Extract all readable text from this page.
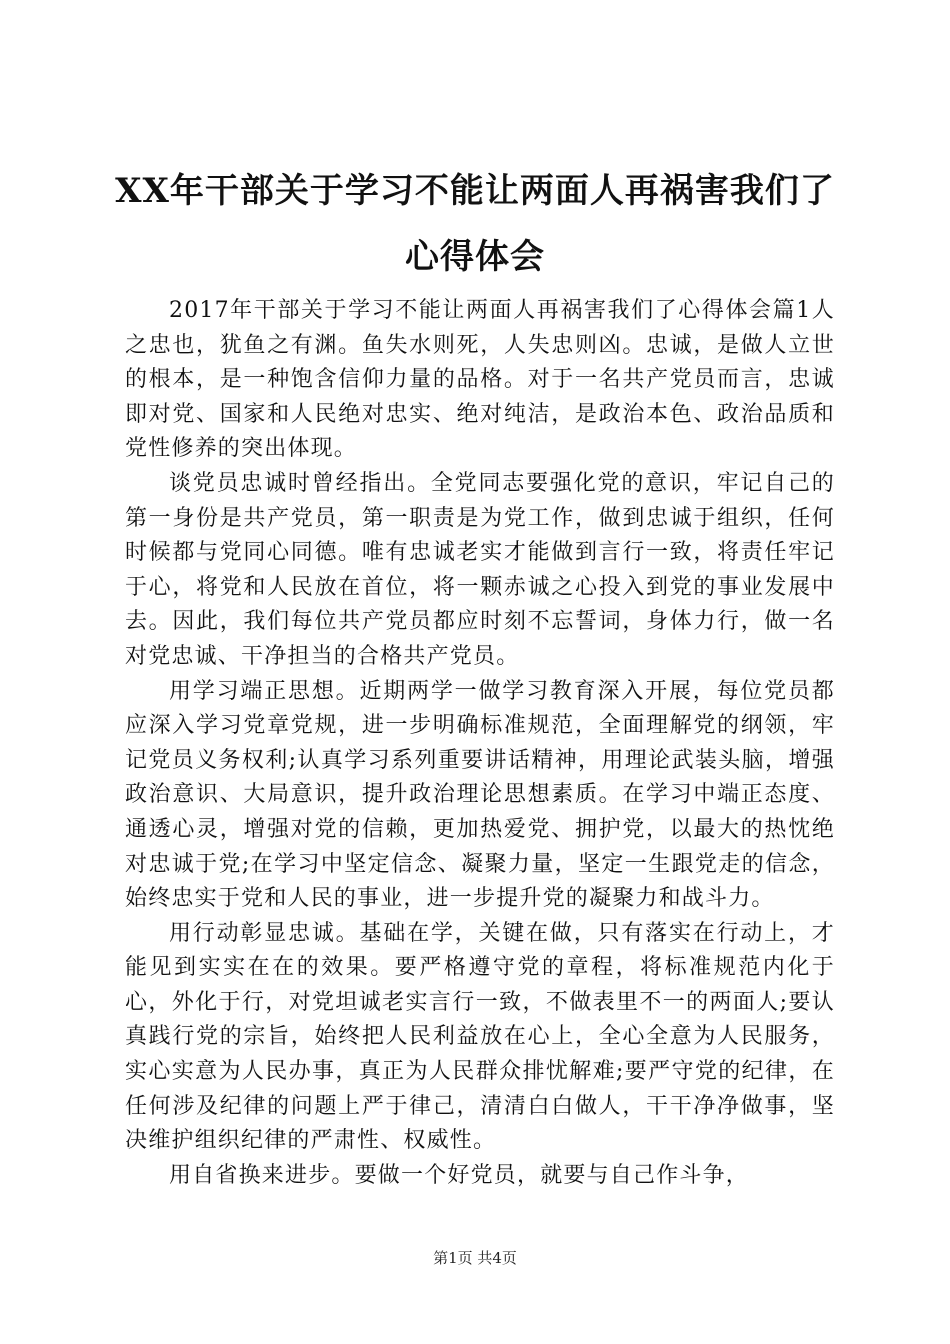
XX年干部关于学习不能让两面人再祸害我们了心得体会

2017年干部关于学习不能让两面人再祸害我们了心得体会篇1人之忠也，犹鱼之有渊。鱼失水则死，人失忠则凶。忠诚，是做人立世的根本，是一种饱含信仰力量的品格。对于一名共产党员而言，忠诚即对党、国家和人民绝对忠实、绝对纯洁，是政治本色、政治品质和党性修养的突出体现。

谈党员忠诚时曾经指出。全党同志要强化党的意识，牢记自己的第一身份是共产党员，第一职责是为党工作，做到忠诚于组织，任何时候都与党同心同德。唯有忠诚老实才能做到言行一致，将责任牢记于心，将党和人民放在首位，将一颗赤诚之心投入到党的事业发展中去。因此，我们每位共产党员都应时刻不忘誓词，身体力行，做一名对党忠诚、干净担当的合格共产党员。

用学习端正思想。近期两学一做学习教育深入开展，每位党员都应深入学习党章党规，进一步明确标准规范，全面理解党的纲领，牢记党员义务权利;认真学习系列重要讲话精神，用理论武装头脑，增强政治意识、大局意识，提升政治理论思想素质。在学习中端正态度、通透心灵，增强对党的信赖，更加热爱党、拥护党，以最大的热忱绝对忠诚于党;在学习中坚定信念、凝聚力量，坚定一生跟党走的信念，始终忠实于党和人民的事业，进一步提升党的凝聚力和战斗力。

用行动彰显忠诚。基础在学，关键在做，只有落实在行动上，才能见到实实在在的效果。要严格遵守党的章程，将标准规范内化于心，外化于行，对党坦诚老实言行一致，不做表里不一的两面人;要认真践行党的宗旨，始终把人民利益放在心上，全心全意为人民服务，实心实意为人民办事，真正为人民群众排忧解难;要严守党的纪律，在任何涉及纪律的问题上严于律己，清清白白做人，干干净净做事，坚决维护组织纪律的严肃性、权威性。

用自省换来进步。要做一个好党员，就要与自己作斗争，

第1页 共4页
